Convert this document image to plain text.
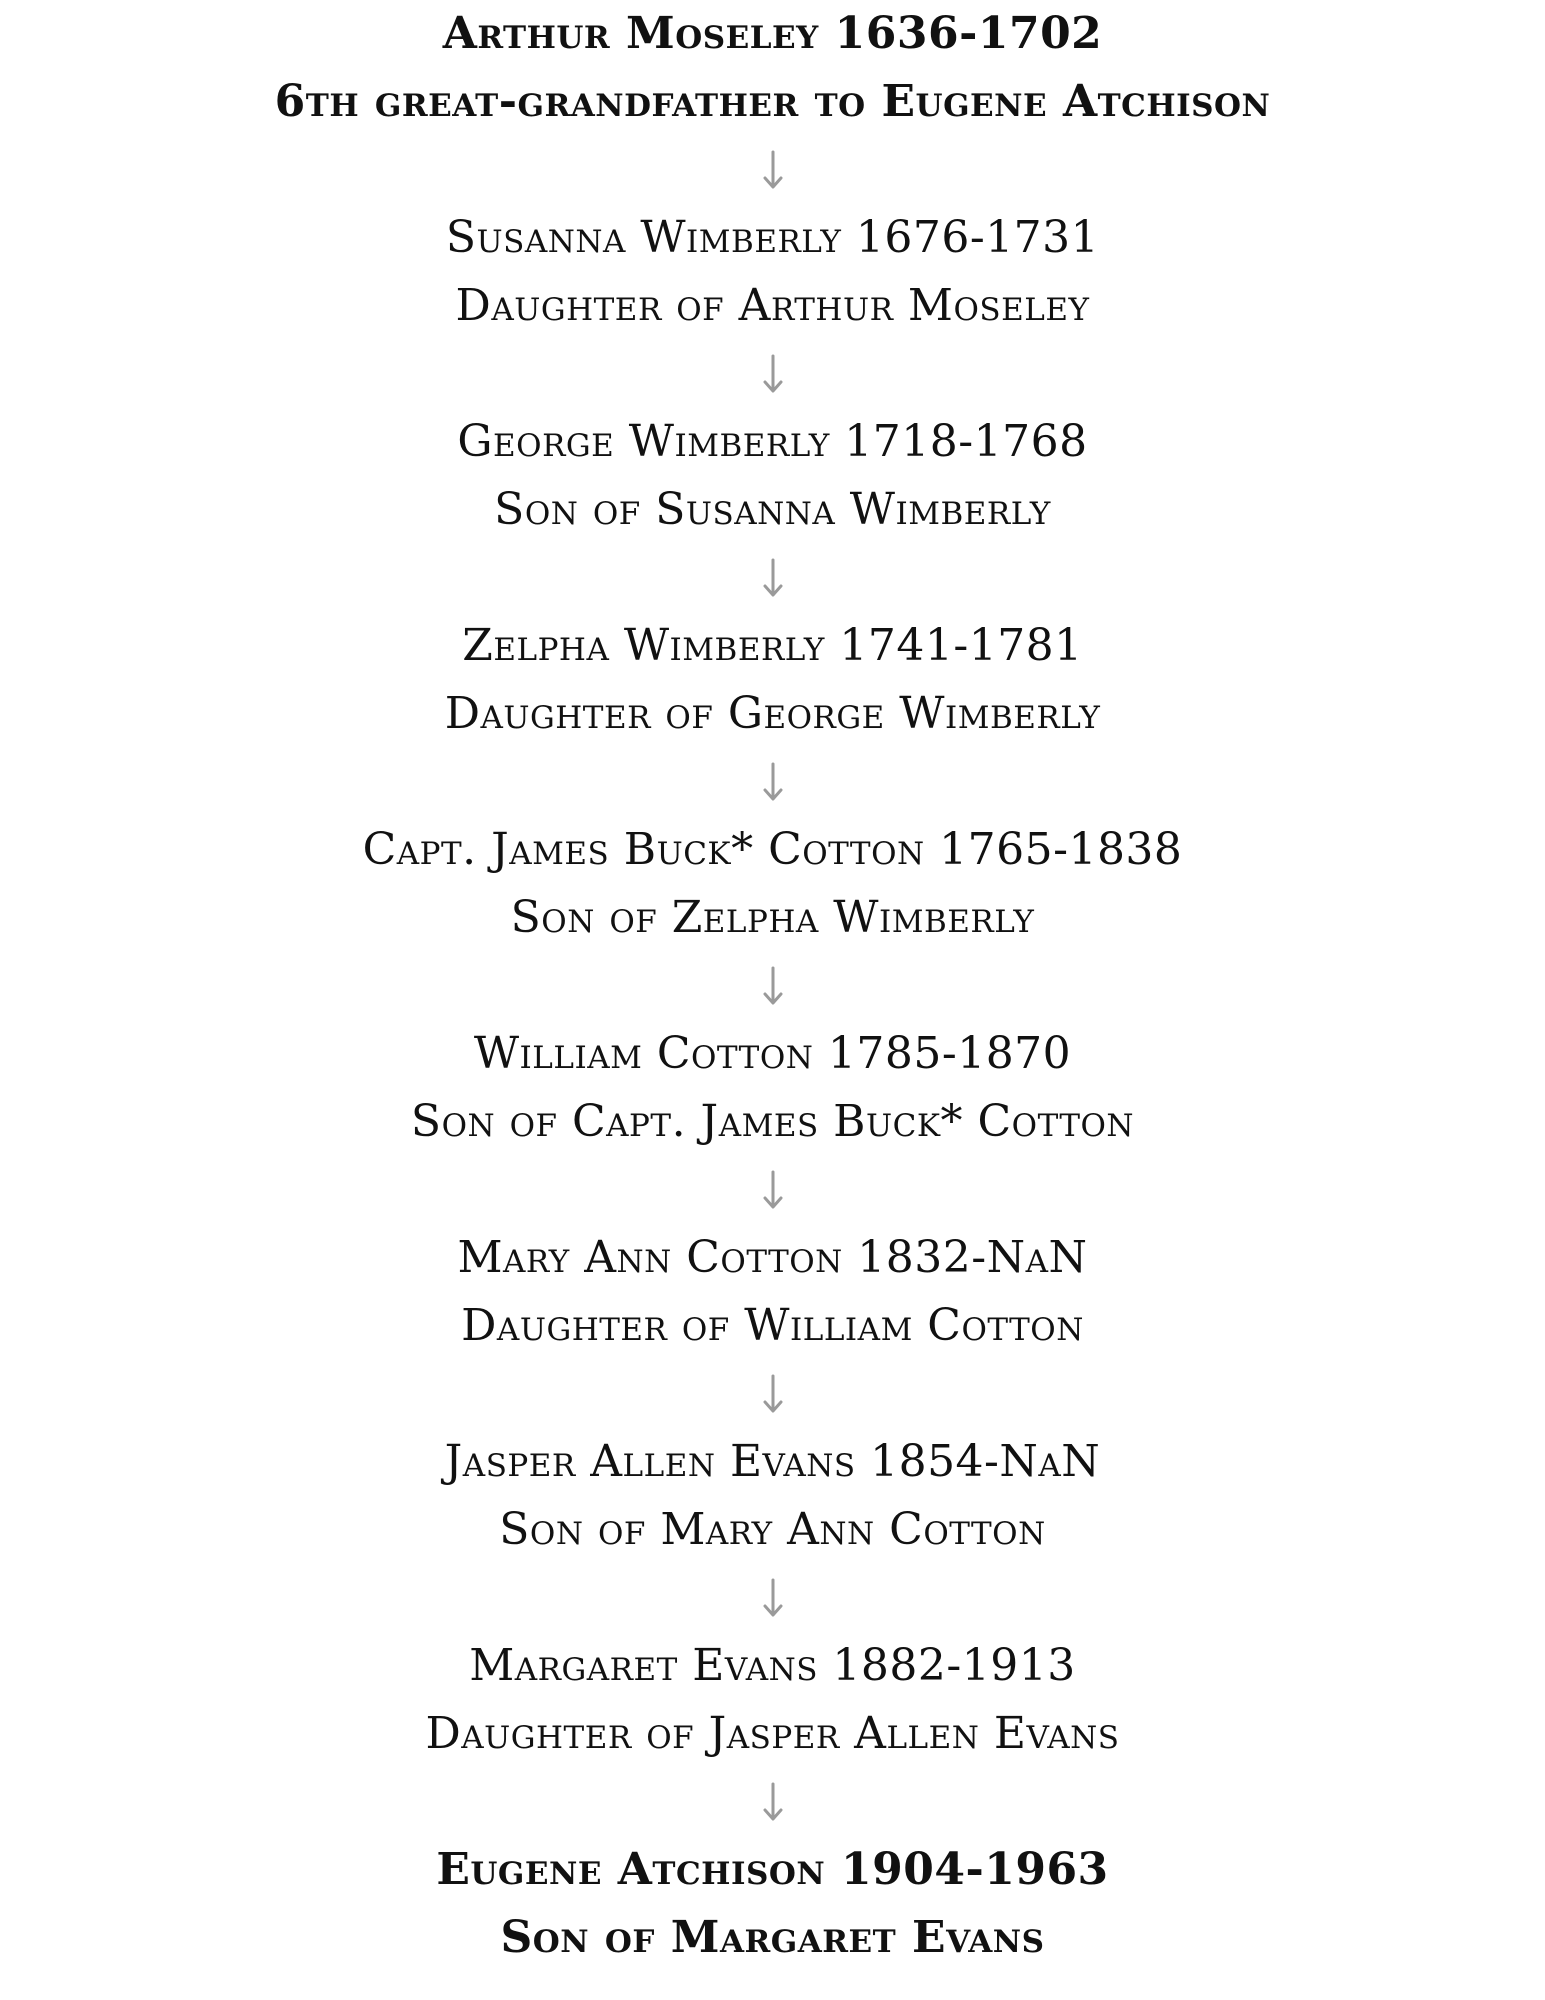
Arthur Moseley 1636-1702
6th great-grandfather to Eugene Atchison
Susanna Wimberly 1676-1731
Daughter of Arthur Moseley
George Wimberly 1718-1768
Son of Susanna Wimberly
Zelpha Wimberly 1741-1781
Daughter of George Wimberly
Capt. James Buck* Cotton 1765-1838
Son of Zelpha Wimberly
William Cotton 1785-1870
Son of Capt. James Buck* Cotton
Mary Ann Cotton 1832-NaN
Daughter of William Cotton
Jasper Allen Evans 1854-NaN
Son of Mary Ann Cotton
Margaret Evans 1882-1913
Daughter of Jasper Allen Evans
Eugene Atchison 1904-1963
Son of Margaret Evans
